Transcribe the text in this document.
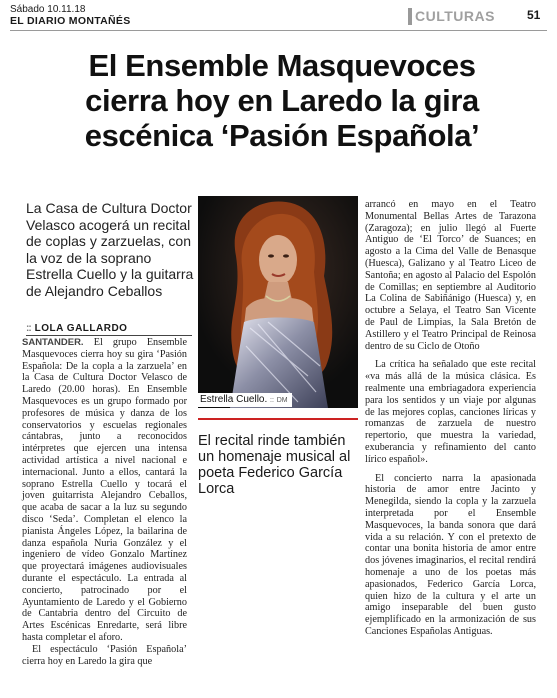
Sábado 10.11.18
EL DIARIO MONTAÑÉS	CULTURAS	51
El Ensemble Masquevoces
cierra hoy en Laredo la gira
escénica ‘Pasión Española’
La Casa de Cultura Doctor Velasco acogerá un recital de coplas y zarzuelas, con la voz de la soprano Estrella Cuello y la guitarra de Alejandro Ceballos
:: LOLA GALLARDO
SANTANDER. El grupo Ensemble Masquevoces cierra hoy su gira ‘Pasión Española: De la copla a la zarzuela’ en la Casa de Cultura Doctor Velasco de Laredo (20.00 horas). En Ensemble Masquevoces es un grupo formado por profesores de música y danza de los conservatorios y escuelas regionales cántabras, junto a reconocidos intérpretes que ejercen una intensa actividad artística a nivel nacional e internacional. Junto a ellos, cantará la soprano Estrella Cuello y tocará el joven guitarrista Alejandro Ceballos, que acaba de sacar a la luz su segundo disco ‘Seda’. Completan el elenco la pianista Ángeles López, la bailarina de danza española Nuria González y el ingeniero de vídeo Gonzalo Martínez que proyectará imágenes audiovisuales durante el espectáculo. La entrada al concierto, patrocinado por el Ayuntamiento de Laredo y el Gobierno de Cantabria dentro del Circuito de Artes Escénicas Enredarte, será libre hasta completar el aforo.
El espectáculo ‘Pasión Española’ cierra hoy en Laredo la gira que
Estrella Cuello. :: DM
El recital rinde también un homenaje musical al poeta Federico García Lorca
arrancó en mayo en el Teatro Monumental Bellas Artes de Tarazona (Zaragoza); en julio llegó al Fuerte Antiguo de ‘El Torco’ de Suances; en agosto a la Cima del Valle de Benasque (Huesca), Galizano y al Teatro Liceo de Santoña; en agosto al Palacio del Espolón de Comillas; en septiembre al Auditorio La Colina de Sabiñánigo (Huesca) y, en octubre a Selaya, el Teatro San Vicente de Paul de Limpias, la Sala Bretón de Astillero y el Teatro Principal de Reinosa dentro de su Ciclo de Otoño
La crítica ha señalado que este recital «va más allá de la música clásica. Es realmente una embriagadora experiencia para los sentidos y un viaje por algunas de las mejores coplas, canciones líricas y romanzas de zarzuela de nuestro repertorio, que muestra la variedad, exuberancia y refinamiento del canto lírico español».
El concierto narra la apasionada historia de amor entre Jacinto y Menegilda, siendo la copla y la zarzuela interpretada por el Ensemble Masquevoces, la banda sonora que dará vida a su relación. Y con el pretexto de contar una bonita historia de amor entre dos jóvenes imaginarios, el recital rendirá homenaje a uno de los poetas más apasionados, Federico García Lorca, quien hizo de la cultura y el arte un amigo inseparable del buen gusto ejemplificado en la armonización de sus Canciones Españolas Antiguas.
